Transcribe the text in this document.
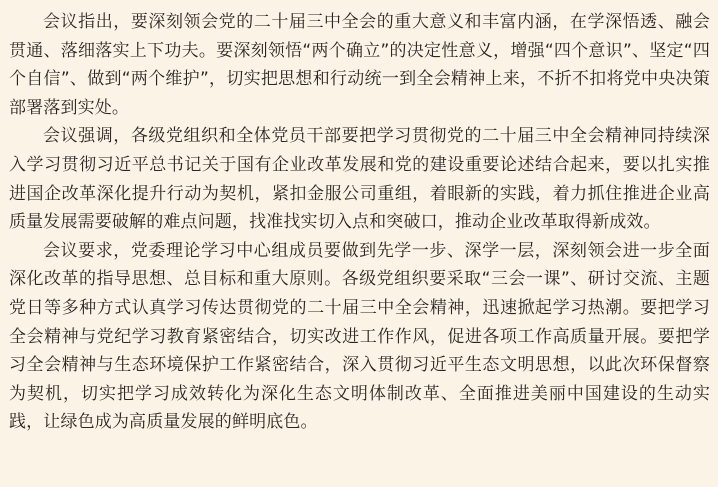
会议指出，要深刻领会党的二十届三中全会的重大意义和丰富内涵，在学深悟透、融会贯通、落细落实上下功夫。要深刻领悟“两个确立”的决定性意义，增强“四个意识”、坚定“四个自信”、做到“两个维护”，切实把思想和行动统一到全会精神上来，不折不扣将党中央决策部署落到实处。

会议强调，各级党组织和全体党员干部要把学习贯彻党的二十届三中全会精神同持续深入学习贯彻习近平总书记关于国有企业改革发展和党的建设重要论述结合起来，要以扎实推进国企改革深化提升行动为契机，紧扣金服公司重组，着眼新的实践，着力抓住推进企业高质量发展需要破解的难点问题，找准找实切入点和突破口，推动企业改革取得新成效。

会议要求，党委理论学习中心组成员要做到先学一步、深学一层，深刻领会进一步全面深化改革的指导思想、总目标和重大原则。各级党组织要采取“三会一课”、研讨交流、主题党日等多种方式认真学习传达贯彻党的二十届三中全会精神，迅速掀起学习热潮。要把学习全会精神与党纪学习教育紧密结合，切实改进工作作风，促进各项工作高质量开展。要把学习全会精神与生态环境保护工作紧密结合，深入贯彻习近平生态文明思想，以此次环保督察为契机，切实把学习成效转化为深化生态文明体制改革、全面推进美丽中国建设的生动实践，让绿色成为高质量发展的鲜明底色。
